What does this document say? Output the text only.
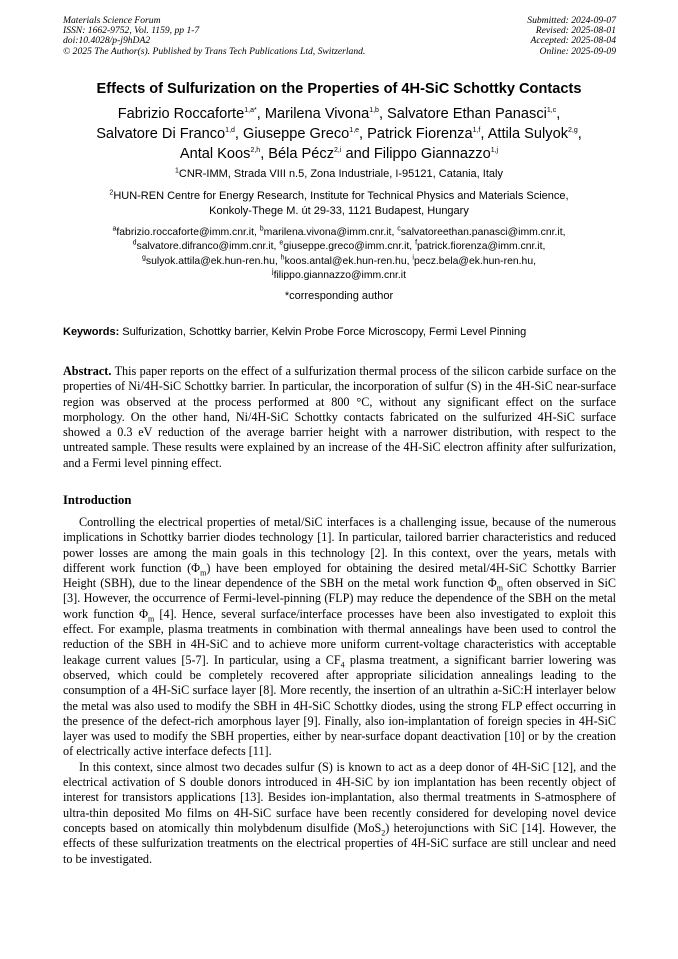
Materials Science Forum
ISSN: 1662-9752, Vol. 1159, pp 1-7
doi:10.4028/p-j9hDA2
© 2025 The Author(s). Published by Trans Tech Publications Ltd, Switzerland.
Submitted: 2024-09-07
Revised: 2025-08-01
Accepted: 2025-08-04
Online: 2025-09-09
Effects of Sulfurization on the Properties of 4H-SiC Schottky Contacts
Fabrizio Roccaforte$^{1,a*}$, Marilena Vivona$^{1,b}$, Salvatore Ethan Panasci$^{1,c}$,
Salvatore Di Franco$^{1,d}$, Giuseppe Greco$^{1,e}$, Patrick Fiorenza$^{1,f}$, Attila Sulyok$^{2,g}$,
Antal Koos$^{2,h}$, Béla Pécz$^{2,i}$ and Filippo Giannazzo$^{1,j}$
$^1$CNR-IMM, Strada VIII n.5, Zona Industriale, I-95121, Catania, Italy
$^2$HUN-REN Centre for Energy Research, Institute for Technical Physics and Materials Science,
Konkoly-Thege M. út 29-33, 1121 Budapest, Hungary
$^a$fabrizio.roccaforte@imm.cnr.it, $^b$marilena.vivona@imm.cnr.it, $^c$salvatoreethan.panasci@imm.cnr.it,
$^d$salvatore.difranco@imm.cnr.it, $^e$giuseppe.greco@imm.cnr.it, $^f$patrick.fiorenza@imm.cnr.it,
$^g$sulyok.attila@ek.hun-ren.hu, $^h$koos.antal@ek.hun-ren.hu, $^i$pecz.bela@ek.hun-ren.hu,
$^j$filippo.giannazzo@imm.cnr.it
*corresponding author
Keywords: Sulfurization, Schottky barrier, Kelvin Probe Force Microscopy, Fermi Level Pinning
Abstract. This paper reports on the effect of a sulfurization thermal process of the silicon carbide surface on the properties of Ni/4H-SiC Schottky barrier. In particular, the incorporation of sulfur (S) in the 4H-SiC near-surface region was observed at the process performed at 800 °C, without any significant effect on the surface morphology. On the other hand, Ni/4H-SiC Schottky contacts fabricated on the sulfurized 4H-SiC surface showed a 0.3 eV reduction of the average barrier height with a narrower distribution, with respect to the untreated sample. These results were explained by an increase of the 4H-SiC electron affinity after sulfurization, and a Fermi level pinning effect.
Introduction

Controlling the electrical properties of metal/SiC interfaces is a challenging issue, because of the numerous implications in Schottky barrier diodes technology [1]. In particular, tailored barrier characteristics and reduced power losses are among the main goals in this technology [2]. In this context, over the years, metals with different work function $(\Phi_m)$ have been employed for obtaining the desired metal/4H-SiC Schottky Barrier Height (SBH), due to the linear dependence of the SBH on the metal work function $\Phi_m$ often observed in SiC [3]. However, the occurrence of Fermi-level-pinning (FLP) may reduce the dependence of the SBH on the metal work function $\Phi_m$ [4]. Hence, several surface/interface processes have been also investigated to exploit this effect. For example, plasma treatments in combination with thermal annealings have been used to control the reduction of the SBH in 4H-SiC and to achieve more uniform current-voltage characteristics with acceptable leakage current values [5-7]. In particular, using a $CF_4$ plasma treatment, a significant barrier lowering was observed, which could be completely recovered after appropriate silicidation annealings leading to the consumption of a 4H-SiC surface layer [8]. More recently, the insertion of an ultrathin a-SiC:H interlayer below the metal was also used to modify the SBH in 4H-SiC Schottky diodes, using the strong FLP effect occurring in the presence of the defect-rich amorphous layer [9]. Finally, also ion-implantation of foreign species in 4H-SiC layer was used to modify the SBH properties, either by near-surface dopant deactivation [10] or by the creation of electrically active interface defects [11].

In this context, since almost two decades sulfur (S) is known to act as a deep donor of 4H-SiC [12], and the electrical activation of S double donors introduced in 4H-SiC by ion implantation has been recently object of interest for transistors applications [13]. Besides ion-implantation, also thermal treatments in S-atmosphere of ultra-thin deposited Mo films on 4H-SiC surface have been recently considered for developing novel device concepts based on atomically thin molybdenum disulfide (MoS$_2$) heterojunctions with SiC [14]. However, the effects of these sulfurization treatments on the electrical properties of 4H-SiC surface are still unclear and need to be investigated.
